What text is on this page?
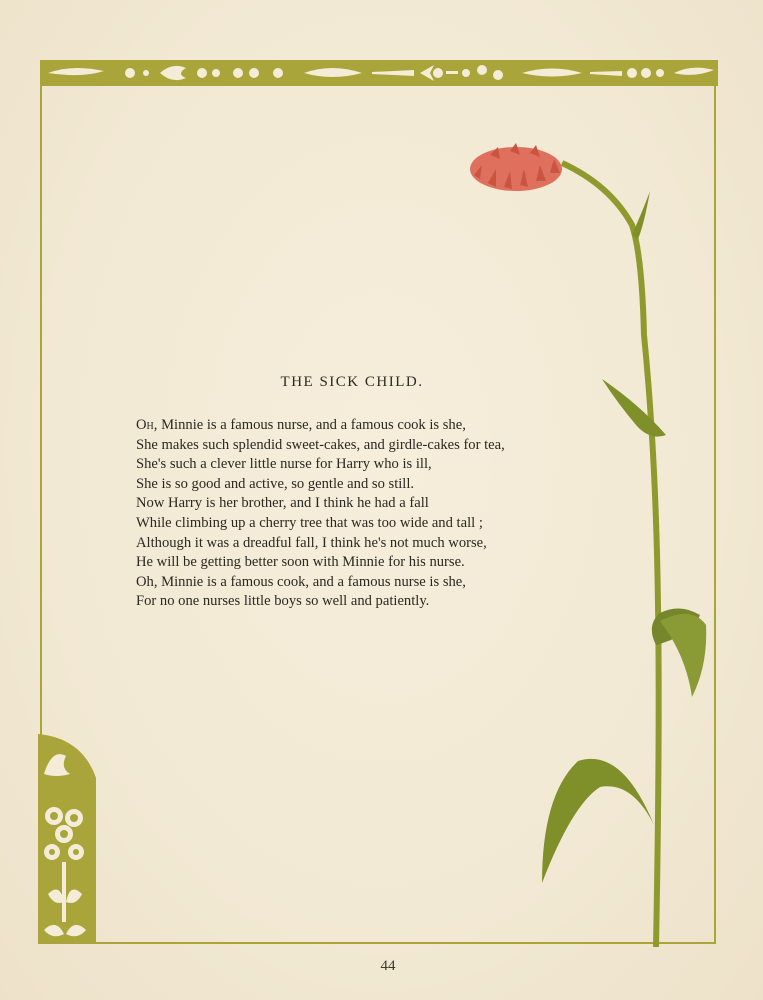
THE SICK CHILD.
Oh, Minnie is a famous nurse, and a famous cook is she,
She makes such splendid sweet-cakes, and girdle-cakes for tea,
She's such a clever little nurse for Harry who is ill,
She is so good and active, so gentle and so still.
Now Harry is her brother, and I think he had a fall
While climbing up a cherry tree that was too wide and tall ;
Although it was a dreadful fall, I think he's not much worse,
He will be getting better soon with Minnie for his nurse.
Oh, Minnie is a famous cook, and a famous nurse is she,
For no one nurses little boys so well and patiently.
44
